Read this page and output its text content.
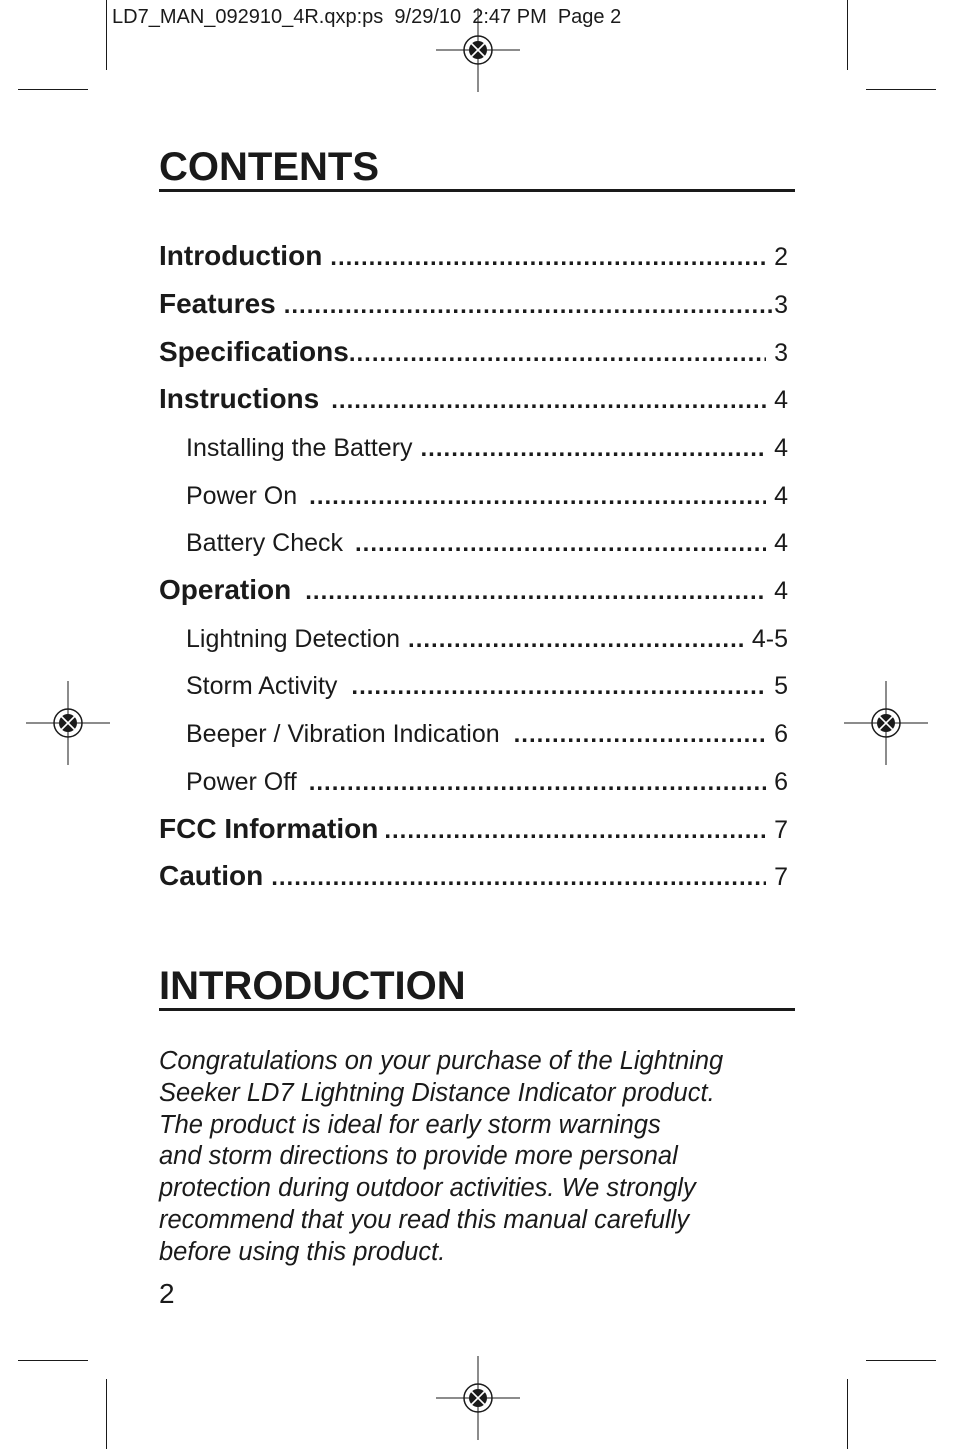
LD7_MAN_092910_4R.qxp:ps  9/29/10  2:47 PM  Page 2
CONTENTS
Introduction .....	2
Features .....	3
Specifications .....	3
Instructions .....	4
Installing the Battery .....	4
Power On .....	4
Battery Check .....	4
Operation .....	4
Lightning Detection .....	4-5
Storm Activity .....	5
Beeper / Vibration Indication .....	6
Power Off .....	6
FCC Information .....	7
Caution .....	7
INTRODUCTION

Congratulations on your purchase of the Lightning
Seeker LD7 Lightning Distance Indicator product.
The product is ideal for early storm warnings
and storm directions to provide more personal
protection during outdoor activities. We strongly
recommend that you read this manual carefully
before using this product.

2
